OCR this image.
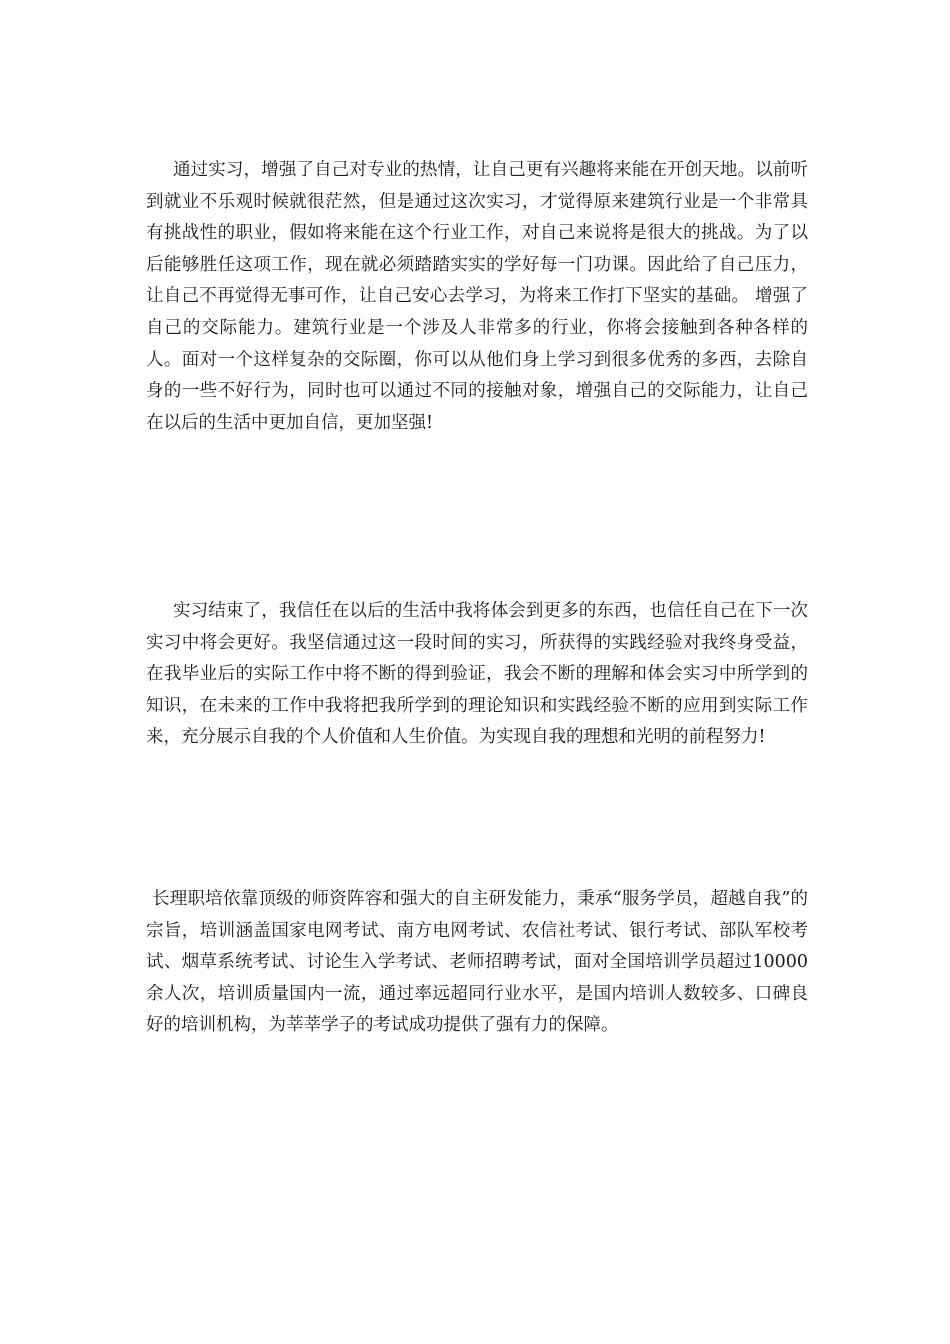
通过实习，增强了自己对专业的热情，让自己更有兴趣将来能在开创天地。以前听到就业不乐观时候就很茫然，但是通过这次实习，才觉得原来建筑行业是一个非常具有挑战性的职业，假如将来能在这个行业工作，对自己来说将是很大的挑战。为了以后能够胜任这项工作，现在就必须踏踏实实的学好每一门功课。因此给了自己压力，让自己不再觉得无事可作，让自己安心去学习，为将来工作打下坚实的基础。 增强了自己的交际能力。建筑行业是一个涉及人非常多的行业，你将会接触到各种各样的人。面对一个这样复杂的交际圈，你可以从他们身上学习到很多优秀的多西，去除自身的一些不好行为，同时也可以通过不同的接触对象，增强自己的交际能力，让自己在以后的生活中更加自信，更加坚强!

实习结束了，我信任在以后的生活中我将体会到更多的东西，也信任自己在下一次实习中将会更好。我坚信通过这一段时间的实习，所获得的实践经验对我终身受益，在我毕业后的实际工作中将不断的得到验证，我会不断的理解和体会实习中所学到的知识，在未来的工作中我将把我所学到的理论知识和实践经验不断的应用到实际工作来，充分展示自我的个人价值和人生价值。为实现自我的理想和光明的前程努力!

长理职培依靠顶级的师资阵容和强大的自主研发能力，秉承“服务学员，超越自我”的宗旨，培训涵盖国家电网考试、南方电网考试、农信社考试、银行考试、部队军校考试、烟草系统考试、讨论生入学考试、老师招聘考试，面对全国培训学员超过10000余人次，培训质量国内一流，通过率远超同行业水平，是国内培训人数较多、口碑良好的培训机构，为莘莘学子的考试成功提供了强有力的保障。
